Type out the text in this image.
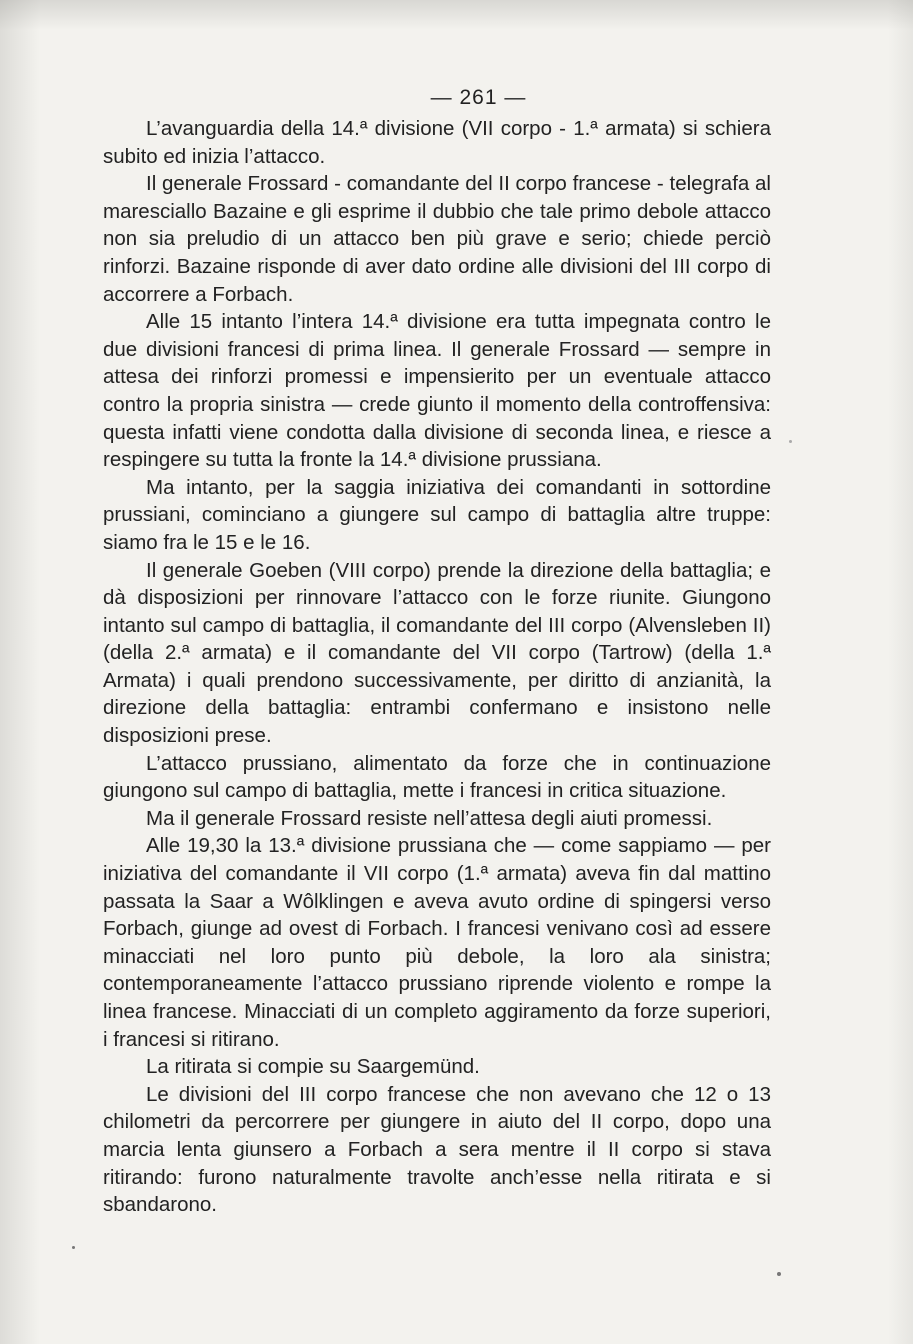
— 261 —

L’avanguardia della 14.ª divisione (VII corpo - 1.ª armata) si schiera subito ed inizia l’attacco.

Il generale Frossard - comandante del II corpo francese - telegrafa al maresciallo Bazaine e gli esprime il dubbio che tale primo debole attacco non sia preludio di un attacco ben più grave e serio; chiede perciò rinforzi. Bazaine risponde di aver dato ordine alle divisioni del III corpo di accorrere a Forbach.

Alle 15 intanto l’intera 14.ª divisione era tutta impegnata contro le due divisioni francesi di prima linea. Il generale Frossard — sempre in attesa dei rinforzi promessi e impensierito per un eventuale attacco contro la propria sinistra — crede giunto il momento della controffensiva: questa infatti viene condotta dalla divisione di seconda linea, e riesce a respingere su tutta la fronte la 14.ª divisione prussiana.

Ma intanto, per la saggia iniziativa dei comandanti in sottordine prussiani, cominciano a giungere sul campo di battaglia altre truppe: siamo fra le 15 e le 16.

Il generale Goeben (VIII corpo) prende la direzione della battaglia; e dà disposizioni per rinnovare l’attacco con le forze riunite. Giungono intanto sul campo di battaglia, il comandante del III corpo (Alvensleben II) (della 2.ª armata) e il comandante del VII corpo (Tartrow) (della 1.ª Armata) i quali prendono successivamente, per diritto di anzianità, la direzione della battaglia: entrambi confermano e insistono nelle disposizioni prese.

L’attacco prussiano, alimentato da forze che in continuazione giungono sul campo di battaglia, mette i francesi in critica situazione.

Ma il generale Frossard resiste nell’attesa degli aiuti promessi.

Alle 19,30 la 13.ª divisione prussiana che — come sappiamo — per iniziativa del comandante il VII corpo (1.ª armata) aveva fin dal mattino passata la Saar a Wôlklingen e aveva avuto ordine di spingersi verso Forbach, giunge ad ovest di Forbach. I francesi venivano così ad essere minacciati nel loro punto più debole, la loro ala sinistra; contemporaneamente l’attacco prussiano riprende violento e rompe la linea francese. Minacciati di un completo aggiramento da forze superiori, i francesi si ritirano.

La ritirata si compie su Saargemünd.

Le divisioni del III corpo francese che non avevano che 12 o 13 chilometri da percorrere per giungere in aiuto del II corpo, dopo una marcia lenta giunsero a Forbach a sera mentre il II corpo si stava ritirando: furono naturalmente travolte anch’esse nella ritirata e si sbandarono.
